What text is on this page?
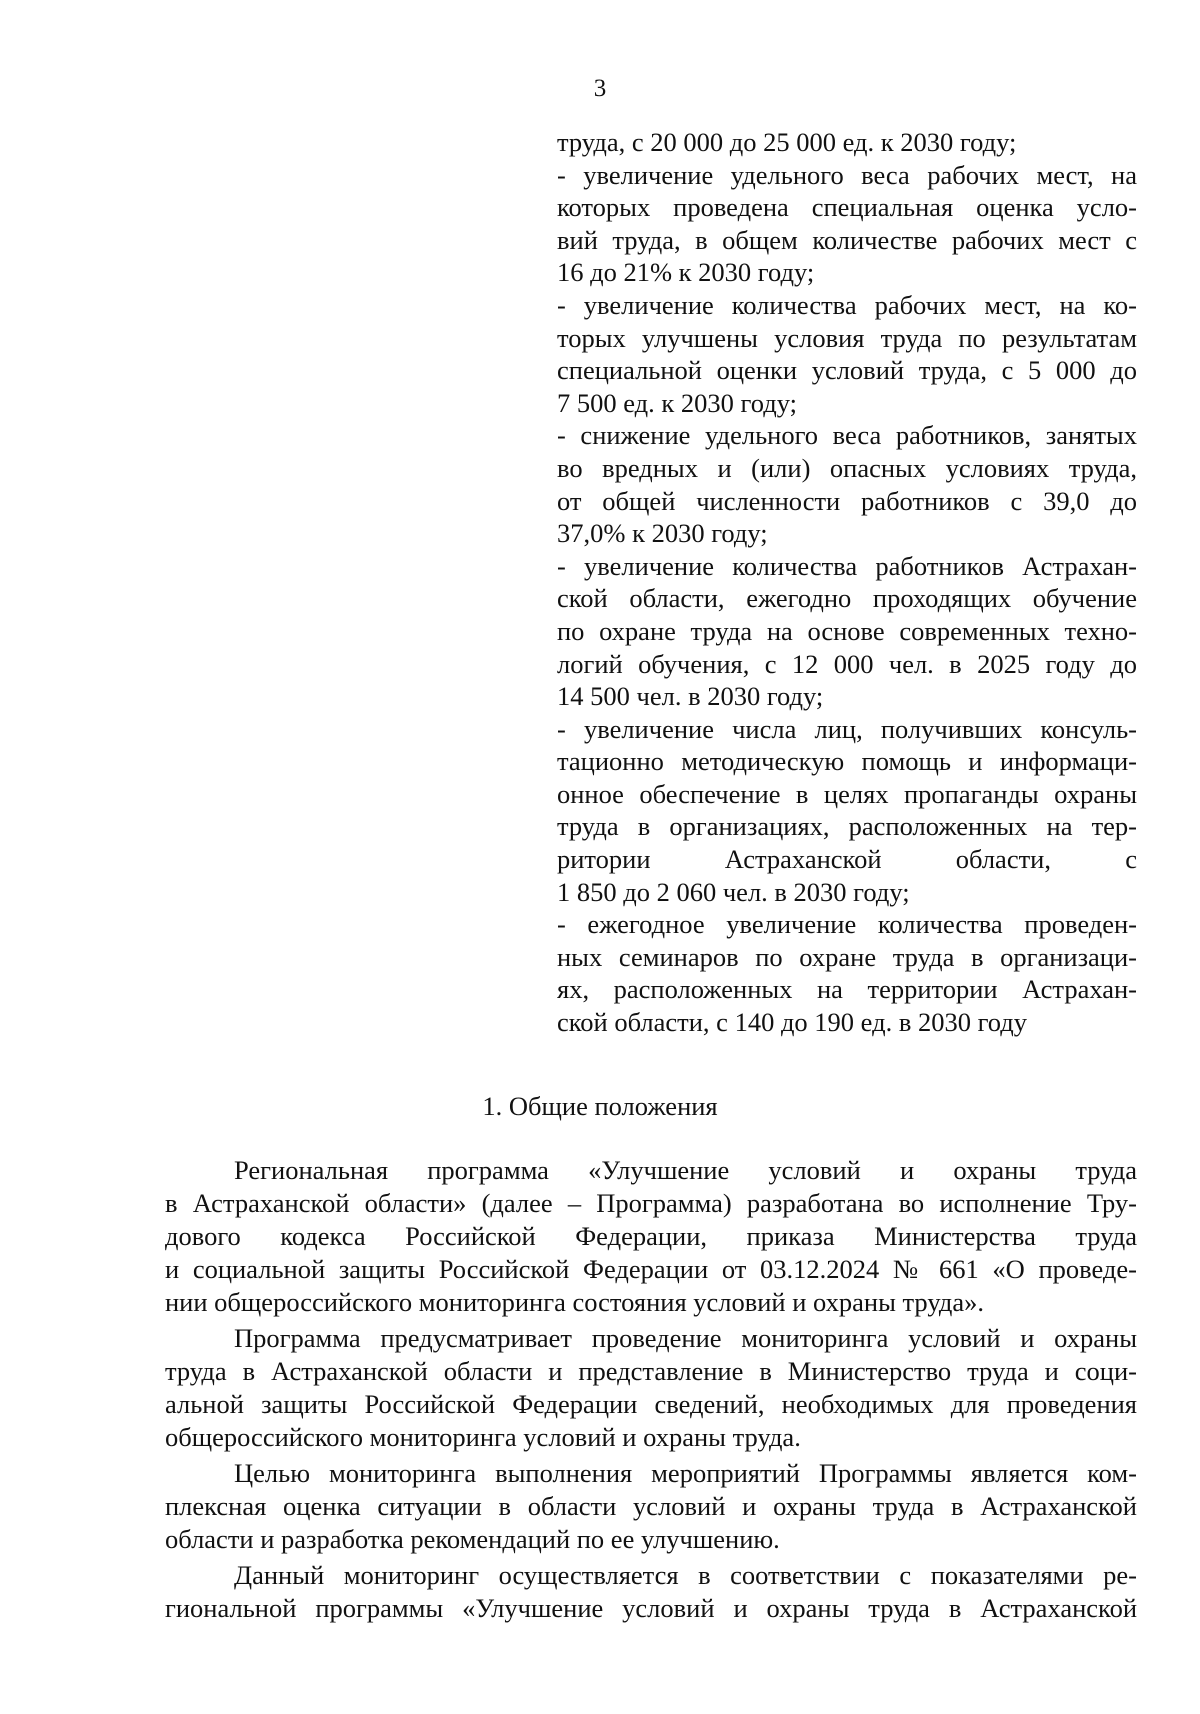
3
труда, с 20 000 до 25 000 ед. к 2030 году;
- увеличение удельного веса рабочих мест, на
которых проведена специальная оценка усло-
вий труда, в общем количестве рабочих мест с
16 до 21% к 2030 году;
- увеличение количества рабочих мест, на ко-
торых улучшены условия труда по результатам
специальной оценки условий труда, с 5 000 до
7 500 ед. к 2030 году;
- снижение удельного веса работников, занятых
во вредных и (или) опасных условиях труда,
от общей численности работников с 39,0 до
37,0% к 2030 году;
- увеличение количества работников Астрахан-
ской области, ежегодно проходящих обучение
по охране труда на основе современных техно-
логий обучения, с 12 000 чел. в 2025 году до
14 500 чел. в 2030 году;
- увеличение числа лиц, получивших консуль-
тационно методическую помощь и информаци-
онное обеспечение в целях пропаганды охраны
труда в организациях, расположенных на тер-
ритории Астраханской области, с
1 850 до 2 060 чел. в 2030 году;
- ежегодное увеличение количества проведен-
ных семинаров по охране труда в организаци-
ях, расположенных на территории Астрахан-
ской области, с 140 до 190 ед. в 2030 году
1. Общие положения
Региональная программа «Улучшение условий и охраны труда
в Астраханской области» (далее – Программа) разработана во исполнение Тру-
дового кодекса Российской Федерации, приказа Министерства труда
и социальной защиты Российской Федерации от 03.12.2024 № 661 «О проведе-
нии общероссийского мониторинга состояния условий и охраны труда».
Программа предусматривает проведение мониторинга условий и охраны
труда в Астраханской области и представление в Министерство труда и соци-
альной защиты Российской Федерации сведений, необходимых для проведения
общероссийского мониторинга условий и охраны труда.
Целью мониторинга выполнения мероприятий Программы является ком-
плексная оценка ситуации в области условий и охраны труда в Астраханской
области и разработка рекомендаций по ее улучшению.
Данный мониторинг осуществляется в соответствии с показателями ре-
гиональной программы «Улучшение условий и охраны труда в Астраханской
